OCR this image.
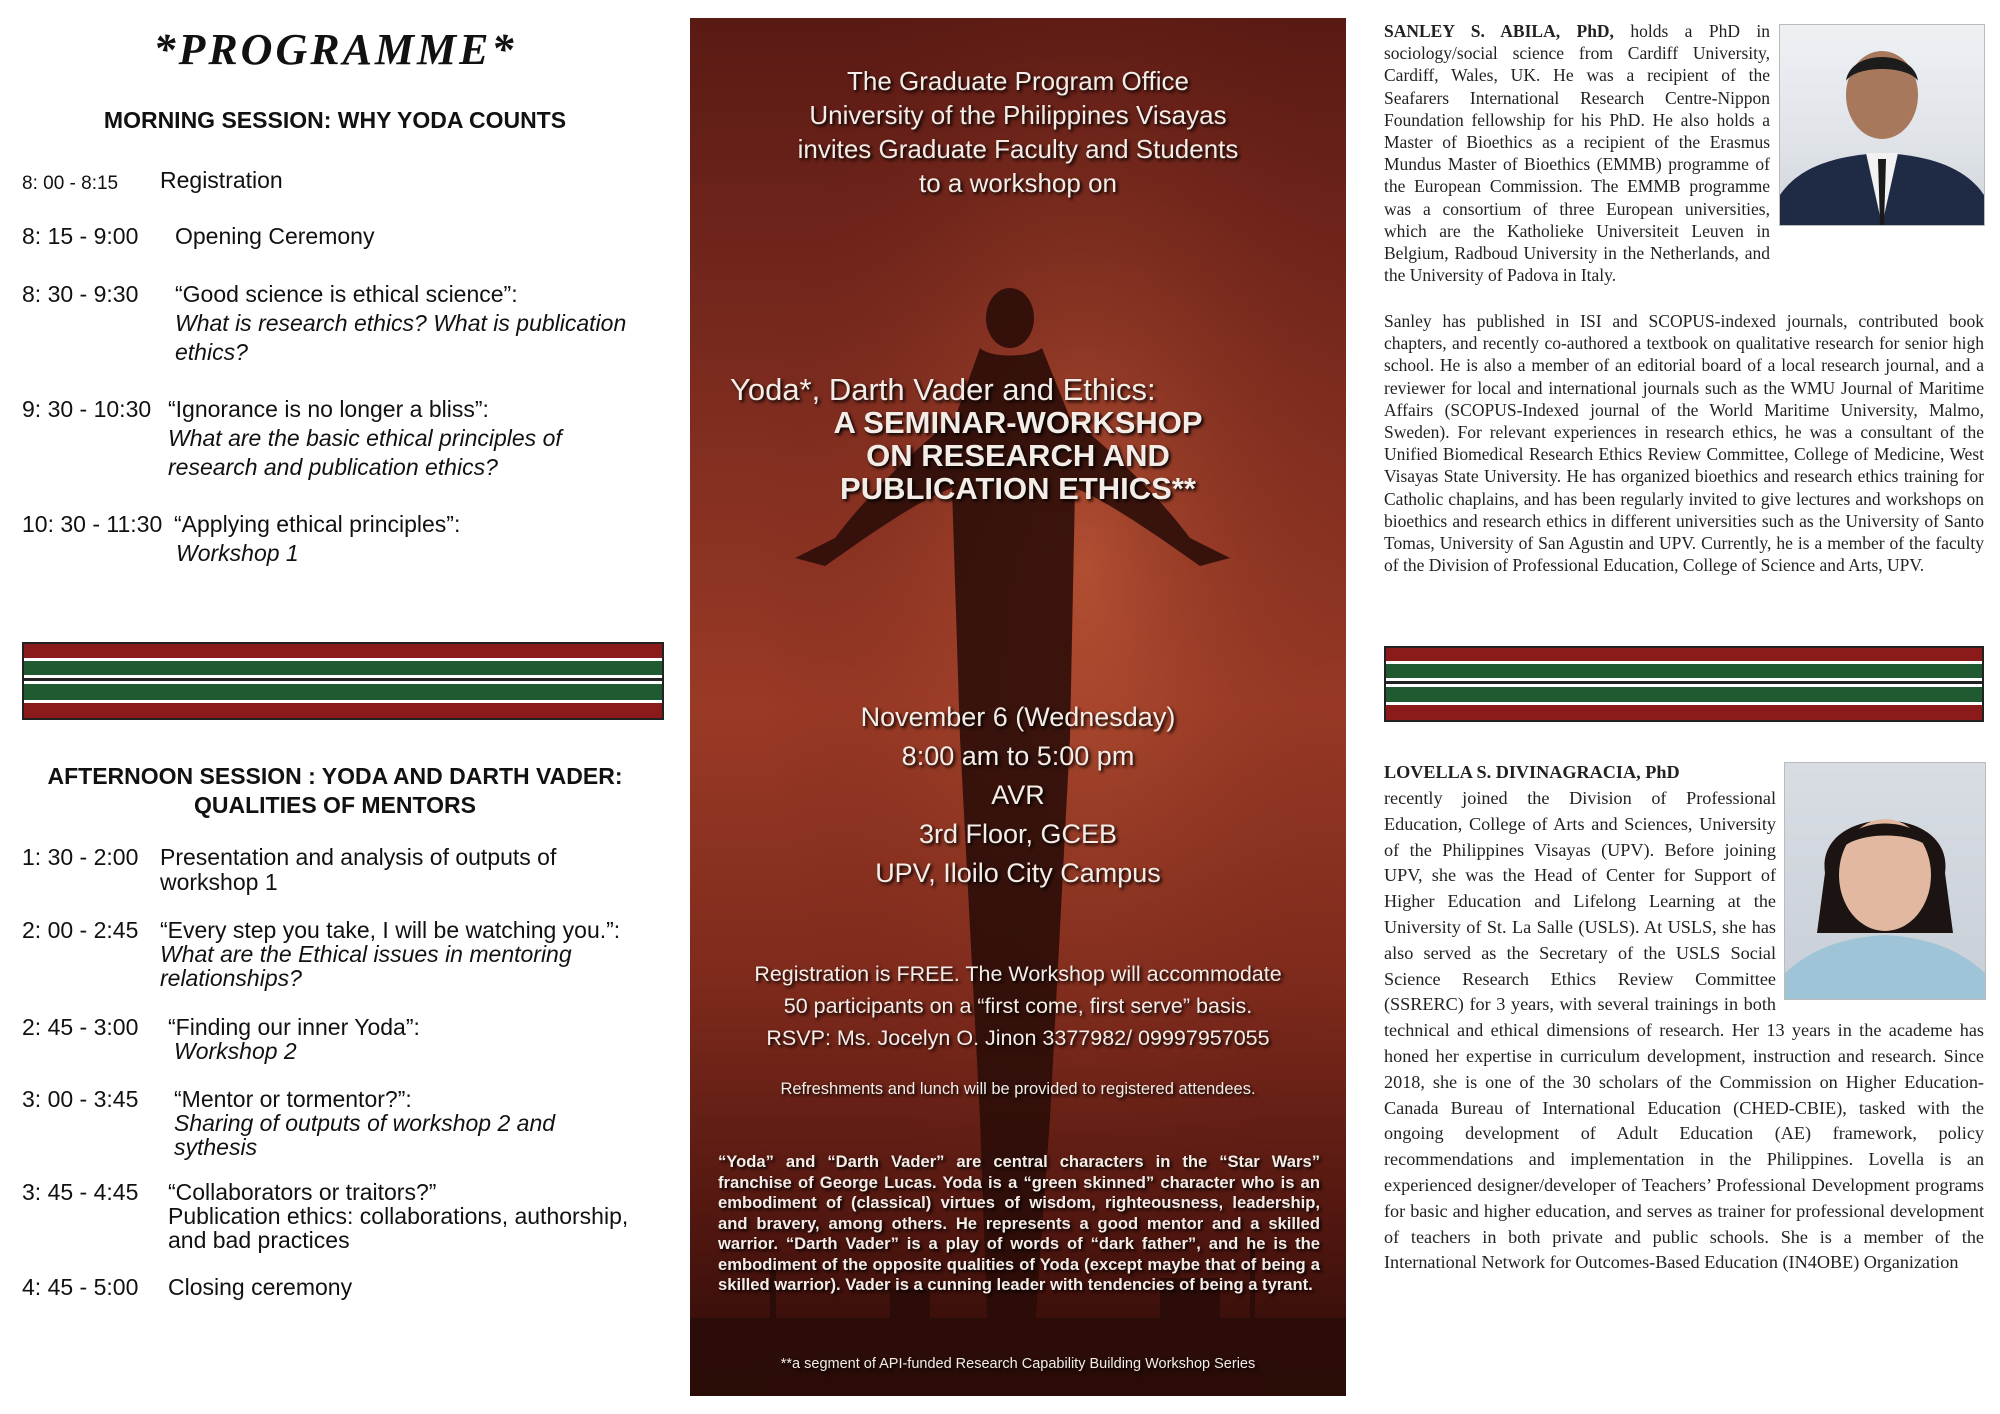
*PROGRAMME*
MORNING SESSION: WHY YODA COUNTS
8: 00 - 8:15 Registration
8: 15 - 9:00 Opening Ceremony
8: 30 - 9:30 “Good science is ethical science”:
What is research ethics? What is publication
ethics?
9: 30 - 10:30 “Ignorance is no longer a bliss”:
What are the basic ethical principles of
research and publication ethics?
10: 30 - 11:30 “Applying ethical principles”:
Workshop 1
AFTERNOON SESSION : YODA AND DARTH VADER:
QUALITIES OF MENTORS
1: 30 - 2:00 Presentation and analysis of outputs of
workshop 1
2: 00 - 2:45 “Every step you take, I will be watching you.”:
What are the Ethical issues in mentoring
relationships?
2: 45 - 3:00 “Finding our inner Yoda”:
Workshop 2
3: 00 - 3:45 “Mentor or tormentor?”:
Sharing of outputs of workshop 2 and
sythesis
3: 45 - 4:45 “Collaborators or traitors?”
Publication ethics: collaborations, authorship,
and bad practices
4: 45 - 5:00 Closing ceremony
The Graduate Program Office
University of the Philippines Visayas
invites Graduate Faculty and Students
to a workshop on
Yoda*, Darth Vader and Ethics:
A SEMINAR-WORKSHOP
ON RESEARCH AND
PUBLICATION ETHICS**
November 6 (Wednesday)
8:00 am to 5:00 pm
AVR
3rd Floor, GCEB
UPV, Iloilo City Campus
Registration is FREE. The Workshop will accommodate
50 participants on a “first come, first serve” basis.
RSVP: Ms. Jocelyn O. Jinon 3377982/ 09997957055
Refreshments and lunch will be provided to registered attendees.
“Yoda” and “Darth Vader” are central characters in the “Star Wars” franchise of George Lucas. Yoda is a “green skinned” character who is an embodiment of (classical) virtues of wisdom, righteousness, leadership, and bravery, among others. He represents a good mentor and a skilled warrior. “Darth Vader” is a play of words of “dark father”, and he is the embodiment of the opposite qualities of Yoda (except maybe that of being a skilled warrior). Vader is a cunning leader with tendencies of being a tyrant.
**a segment of API-funded Research Capability Building Workshop Series
SANLEY S. ABILA, PhD, holds a PhD in sociology/social science from Cardiff University, Cardiff, Wales, UK. He was a recipient of the Seafarers International Research Centre-Nippon Foundation fellowship for his PhD. He also holds a Master of Bioethics as a recipient of the Erasmus Mundus Master of Bioethics (EMMB) programme of the European Commission. The EMMB programme was a consortium of three European universities, which are the Katholieke Universiteit Leuven in Belgium, Radboud University in the Netherlands, and the University of Padova in Italy.
Sanley has published in ISI and SCOPUS-indexed journals, contributed book chapters, and recently co-authored a textbook on qualitative research for senior high school. He is also a member of an editorial board of a local research journal, and a reviewer for local and international journals such as the WMU Journal of Maritime Affairs (SCOPUS-Indexed journal of the World Maritime University, Malmo, Sweden). For relevant experiences in research ethics, he was a consultant of the Unified Biomedical Research Ethics Review Committee, College of Medicine, West Visayas State University. He has organized bioethics and research ethics training for Catholic chaplains, and has been regularly invited to give lectures and workshops on bioethics and research ethics in different universities such as the University of Santo Tomas, University of San Agustin and UPV. Currently, he is a member of the faculty of the Division of Professional Education, College of Science and Arts, UPV.
LOVELLA S. DIVINAGRACIA, PhD
recently joined the Division of Professional Education, College of Arts and Sciences, University of the Philippines Visayas (UPV). Before joining UPV, she was the Head of Center for Support of Higher Education and Lifelong Learning at the University of St. La Salle (USLS). At USLS, she has also served as the Secretary of the USLS Social Science Research Ethics Review Committee (SSRERC) for 3 years, with several trainings in both technical and ethical dimensions of research. Her 13 years in the academe has honed her expertise in curriculum development, instruction and research. Since 2018, she is one of the 30 scholars of the Commission on Higher Education-Canada Bureau of International Education (CHED-CBIE), tasked with the ongoing development of Adult Education (AE) framework, policy recommendations and implementation in the Philippines. Lovella is an experienced designer/developer of Teachers’ Professional Development programs for basic and higher education, and serves as trainer for professional development of teachers in both private and public schools. She is a member of the International Network for Outcomes-Based Education (IN4OBE) Organization
